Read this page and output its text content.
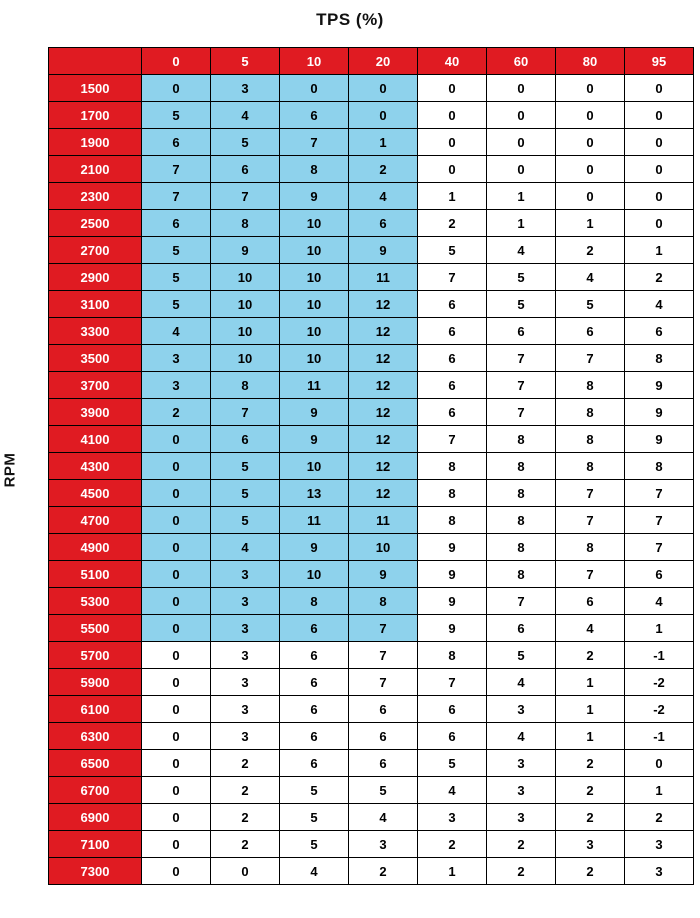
TPS (%)
RPM
	0	5	10	20	40	60	80	95
1500	0	3	0	0	0	0	0	0
1700	5	4	6	0	0	0	0	0
1900	6	5	7	1	0	0	0	0
2100	7	6	8	2	0	0	0	0
2300	7	7	9	4	1	1	0	0
2500	6	8	10	6	2	1	1	0
2700	5	9	10	9	5	4	2	1
2900	5	10	10	11	7	5	4	2
3100	5	10	10	12	6	5	5	4
3300	4	10	10	12	6	6	6	6
3500	3	10	10	12	6	7	7	8
3700	3	8	11	12	6	7	8	9
3900	2	7	9	12	6	7	8	9
4100	0	6	9	12	7	8	8	9
4300	0	5	10	12	8	8	8	8
4500	0	5	13	12	8	8	7	7
4700	0	5	11	11	8	8	7	7
4900	0	4	9	10	9	8	8	7
5100	0	3	10	9	9	8	7	6
5300	0	3	8	8	9	7	6	4
5500	0	3	6	7	9	6	4	1
5700	0	3	6	7	8	5	2	-1
5900	0	3	6	7	7	4	1	-2
6100	0	3	6	6	6	3	1	-2
6300	0	3	6	6	6	4	1	-1
6500	0	2	6	6	5	3	2	0
6700	0	2	5	5	4	3	2	1
6900	0	2	5	4	3	3	2	2
7100	0	2	5	3	2	2	3	3
7300	0	0	4	2	1	2	2	3
